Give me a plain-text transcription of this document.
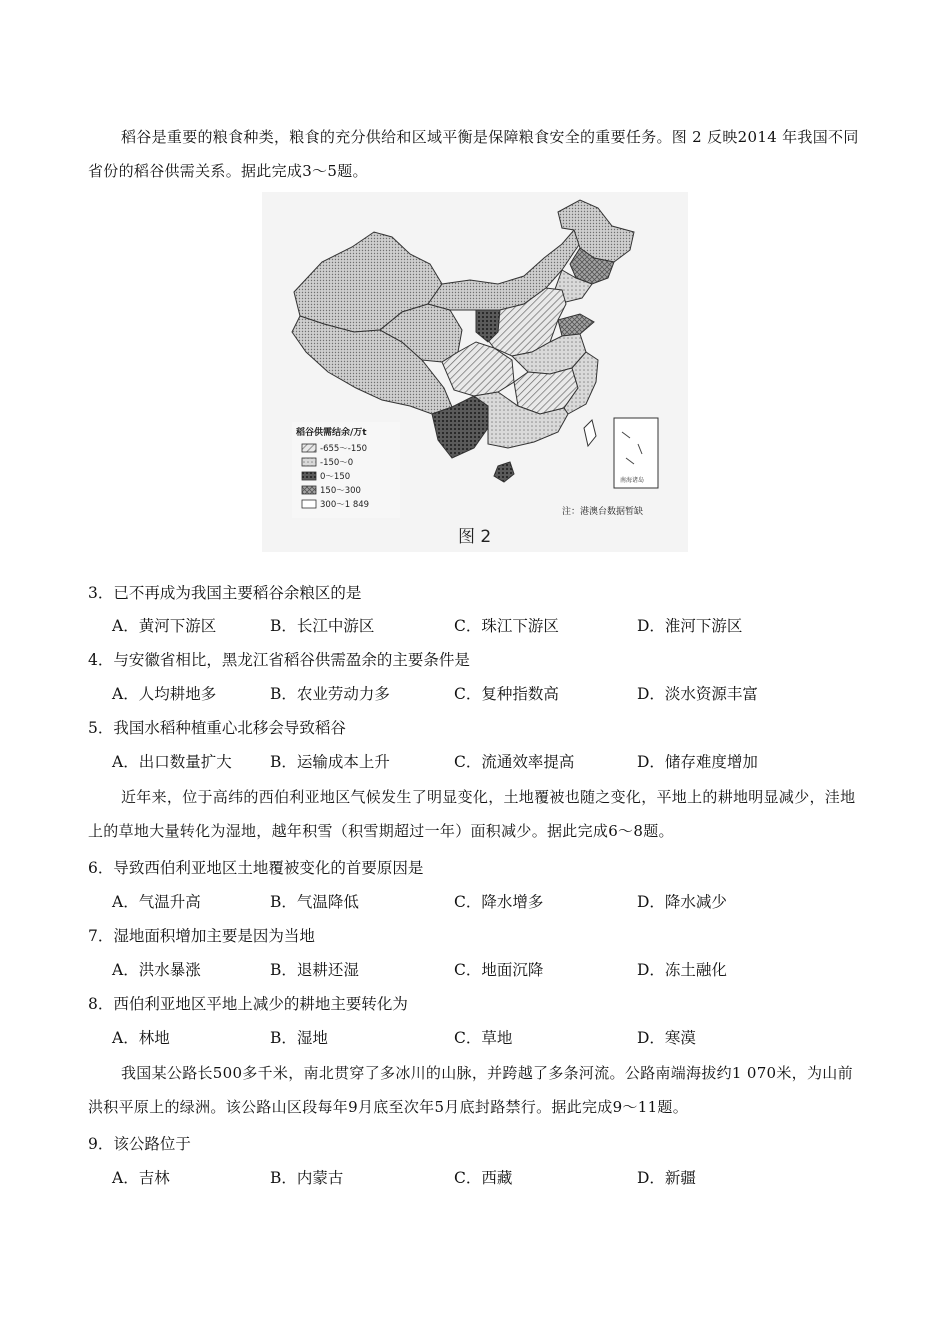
稻谷是重要的粮食种类，粮食的充分供给和区域平衡是保障粮食安全的重要任务。图 2 反映2014 年我国不同省份的稻谷供需关系。据此完成3～5题。
南海诸岛
稻谷供需结余/万t
-655～-150
-150～0
0～150
150～300
300～1 849
注：港澳台数据暂缺
图 2
3．已不再成为我国主要稻谷余粮区的是
A．黄河下游区	B．长江中游区	C．珠江下游区	D．淮河下游区
4．与安徽省相比，黑龙江省稻谷供需盈余的主要条件是
A．人均耕地多	B．农业劳动力多	C．复种指数高	D．淡水资源丰富
5．我国水稻种植重心北移会导致稻谷
A．出口数量扩大 B．运输成本上升	C．流通效率提高	D．储存难度增加
近年来，位于高纬的西伯利亚地区气候发生了明显变化，土地覆被也随之变化，平地上的耕地明显减少，洼地上的草地大量转化为湿地，越年积雪（积雪期超过一年）面积减少。据此完成6～8题。
6．导致西伯利亚地区土地覆被变化的首要原因是
A．气温升高	B．气温降低	C．降水增多	D．降水减少
7．湿地面积增加主要是因为当地
A．洪水暴涨	B．退耕还湿	C．地面沉降	D．冻土融化
8．西伯利亚地区平地上减少的耕地主要转化为
A．林地	B．湿地	C．草地	D．寒漠
我国某公路长500多千米，南北贯穿了多冰川的山脉，并跨越了多条河流。公路南端海拔约1 070米，为山前洪积平原上的绿洲。该公路山区段每年9月底至次年5月底封路禁行。据此完成9～11题。
9．该公路位于
A．吉林	B．内蒙古	C．西藏	D．新疆
